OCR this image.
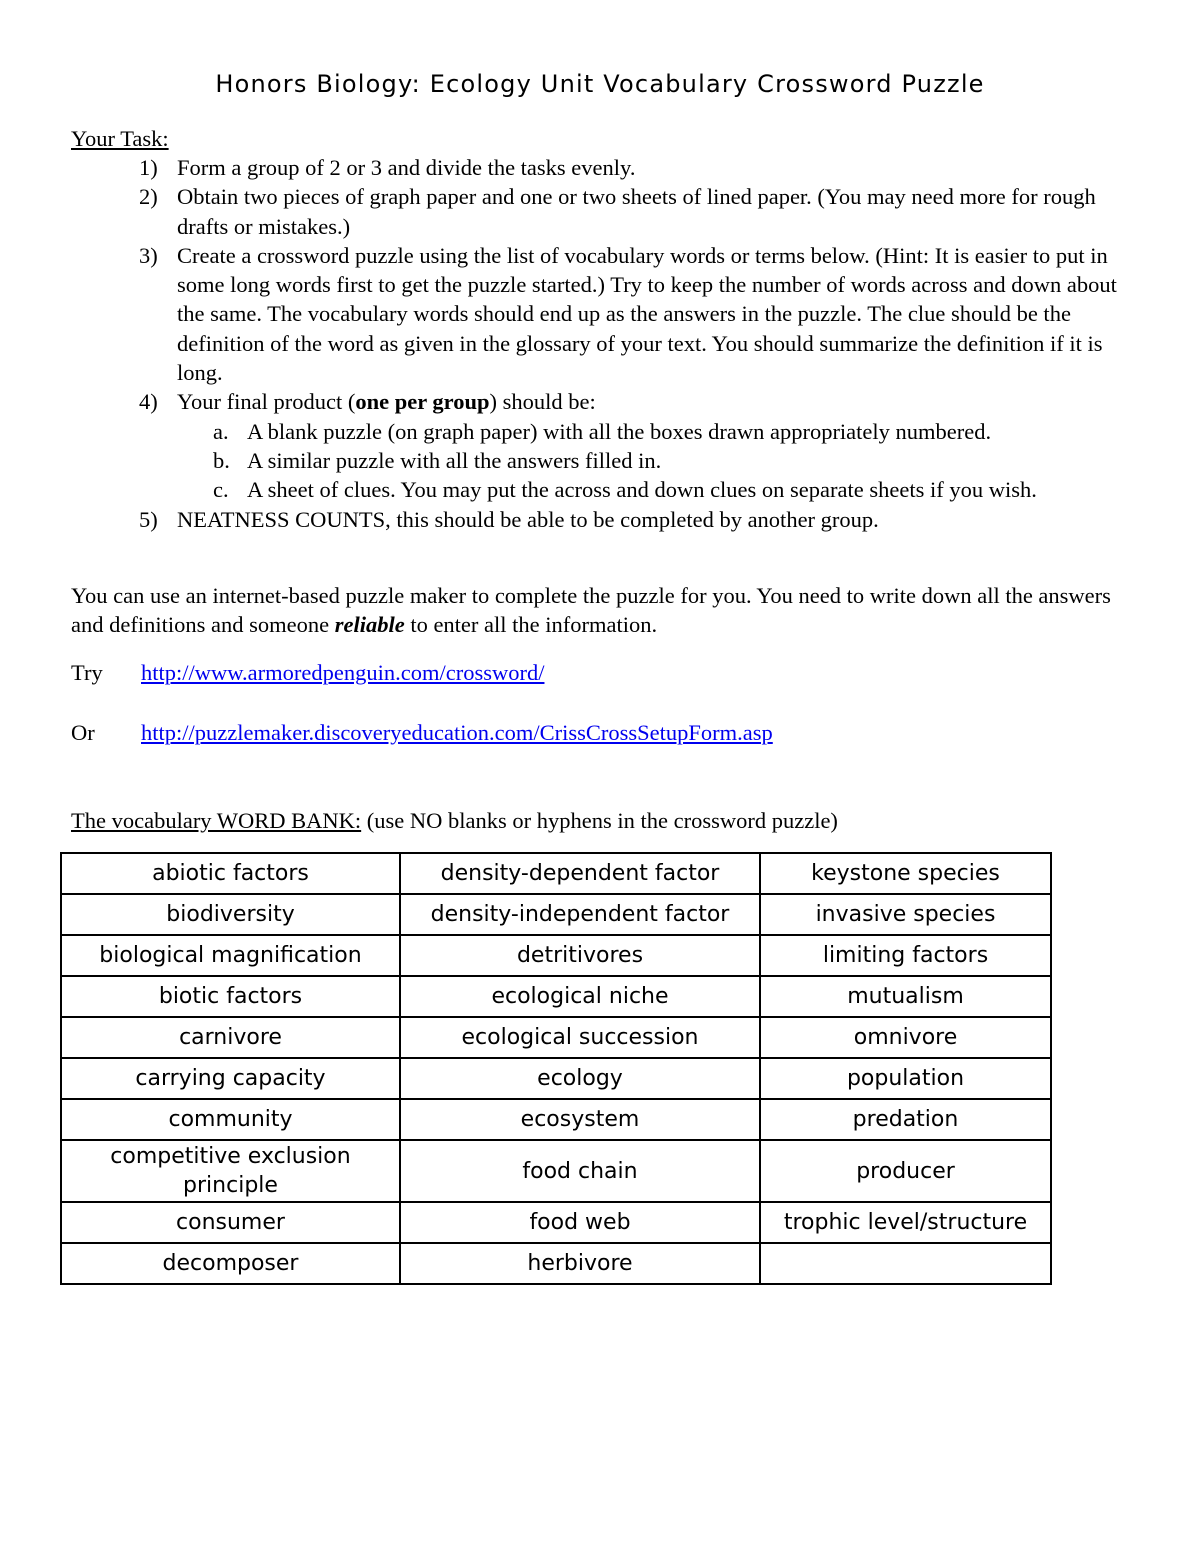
Honors Biology: Ecology Unit Vocabulary Crossword Puzzle
Your Task:
1) Form a group of 2 or 3 and divide the tasks evenly.
2) Obtain two pieces of graph paper and one or two sheets of lined paper. (You may need more for rough drafts or mistakes.)
3) Create a crossword puzzle using the list of vocabulary words or terms below. (Hint: It is easier to put in some long words first to get the puzzle started.) Try to keep the number of words across and down about the same. The vocabulary words should end up as the answers in the puzzle. The clue should be the definition of the word as given in the glossary of your text. You should summarize the definition if it is long.
4) Your final product (one per group) should be:
a. A blank puzzle (on graph paper) with all the boxes drawn appropriately numbered.
b. A similar puzzle with all the answers filled in.
c. A sheet of clues. You may put the across and down clues on separate sheets if you wish.
5) NEATNESS COUNTS, this should be able to be completed by another group.
You can use an internet-based puzzle maker to complete the puzzle for you. You need to write down all the answers and definitions and someone reliable to enter all the information.
Try http://www.armoredpenguin.com/crossword/
Or http://puzzlemaker.discoveryeducation.com/CrissCrossSetupForm.asp
The vocabulary WORD BANK: (use NO blanks or hyphens in the crossword puzzle)
abiotic factors	density-dependent factor	keystone species
biodiversity	density-independent factor	invasive species
biological magnification	detritivores	limiting factors
biotic factors	ecological niche	mutualism
carnivore	ecological succession	omnivore
carrying capacity	ecology	population
community	ecosystem	predation
competitive exclusion principle	food chain	producer
consumer	food web	trophic level/structure
decomposer	herbivore	
